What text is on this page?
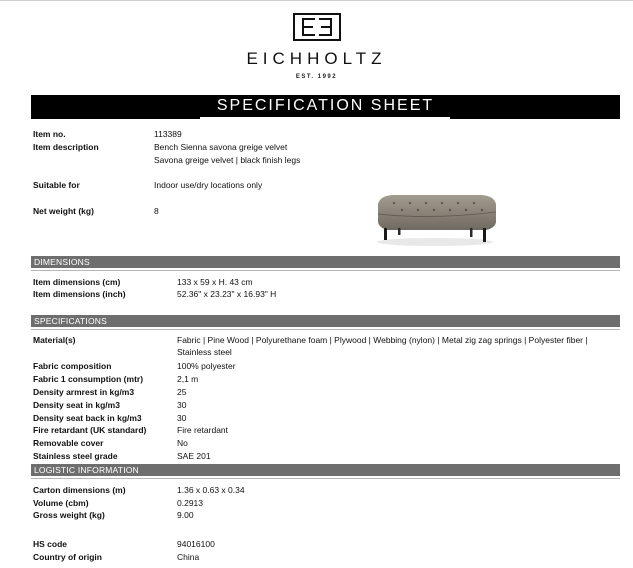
EICHHOLTZ
EST. 1992
SPECIFICATION SHEET
Item no.	113389
Item description	Bench Sienna savona greige velvet
Savona greige velvet | black finish legs
Suitable for	Indoor use/dry locations only
Net weight (kg)	8
DIMENSIONS
Item dimensions (cm)	133 x 59 x H. 43 cm
Item dimensions (inch)	52.36" x 23.23" x 16.93" H
SPECIFICATIONS
Material(s)	Fabric | Pine Wood | Polyurethane foam | Plywood | Webbing (nylon) | Metal zig zag springs | Polyester fiber |
Stainless steel
Fabric composition	100% polyester
Fabric 1 consumption (mtr)	2,1 m
Density armrest in kg/m3	25
Density seat in kg/m3	30
Density seat back in kg/m3	30
Fire retardant (UK standard)	Fire retardant
Removable cover	No
Stainless steel grade	SAE 201
LOGISTIC INFORMATION
Carton dimensions (m)	1.36 x 0.63 x 0.34
Volume (cbm)	0.2913
Gross weight (kg)	9.00
HS code	94016100
Country of origin	China
